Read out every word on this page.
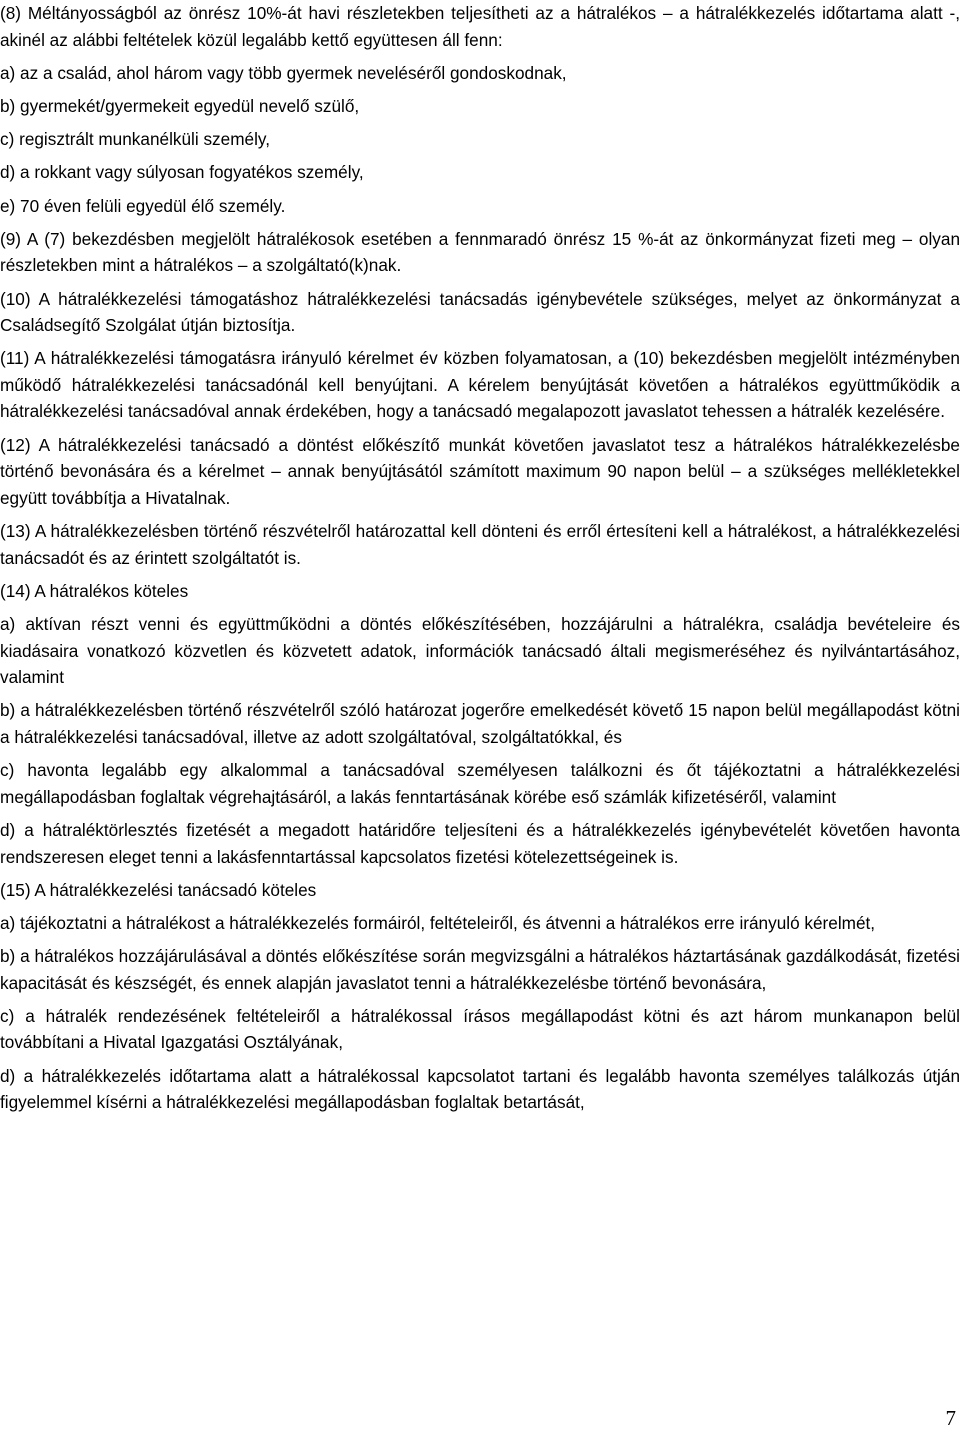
(8) Méltányosságból az önrész 10%-át havi részletekben teljesítheti az a hátralékos – a hátralékkezelés időtartama alatt -, akinél az alábbi feltételek közül legalább kettő együttesen áll fenn:

a) az a család, ahol három vagy több gyermek neveléséről gondoskodnak,

b) gyermekét/gyermekeit egyedül nevelő szülő,

c) regisztrált munkanélküli személy,

d) a rokkant vagy súlyosan fogyatékos személy,

e) 70 éven felüli egyedül élő személy.

(9) A (7) bekezdésben megjelölt hátralékosok esetében a fennmaradó önrész 15 %-át az önkormányzat fizeti meg – olyan részletekben mint a hátralékos – a szolgáltató(k)nak.

(10) A hátralékkezelési támogatáshoz hátralékkezelési tanácsadás igénybevétele szükséges, melyet az önkormányzat a Családsegítő Szolgálat útján biztosítja.

(11) A hátralékkezelési támogatásra irányuló kérelmet év közben folyamatosan, a (10) bekezdésben megjelölt intézményben működő hátralékkezelési tanácsadónál kell benyújtani. A kérelem benyújtását követően a hátralékos együttműködik a hátralékkezelési tanácsadóval annak érdekében, hogy a tanácsadó megalapozott javaslatot tehessen a hátralék kezelésére.

(12) A hátralékkezelési tanácsadó a döntést előkészítő munkát követően javaslatot tesz a hátralékos hátralékkezelésbe történő bevonására és a kérelmet – annak benyújtásától számított maximum 90 napon belül – a szükséges mellékletekkel együtt továbbítja a Hivatalnak.

(13) A hátralékkezelésben történő részvételről határozattal kell dönteni és erről értesíteni kell a hátralékost, a hátralékkezelési tanácsadót és az érintett szolgáltatót is.

(14) A hátralékos köteles

a) aktívan részt venni és együttműködni a döntés előkészítésében, hozzájárulni a hátralékra, családja bevételeire és kiadásaira vonatkozó közvetlen és közvetett adatok, információk tanácsadó általi megismeréséhez és nyilvántartásához, valamint

b) a hátralékkezelésben történő részvételről szóló határozat jogerőre emelkedését követő 15 napon belül megállapodást kötni a hátralékkezelési tanácsadóval, illetve az adott szolgáltatóval, szolgáltatókkal, és

c) havonta legalább egy alkalommal a tanácsadóval személyesen találkozni és őt tájékoztatni a hátralékkezelési megállapodásban foglaltak végrehajtásáról, a lakás fenntartásának körébe eső számlák kifizetéséről, valamint

d) a hátraléktörlesztés fizetését a megadott határidőre teljesíteni és a hátralékkezelés igénybevételét követően havonta rendszeresen eleget tenni a lakásfenntartással kapcsolatos fizetési kötelezettségeinek is.

(15) A hátralékkezelési tanácsadó köteles

a) tájékoztatni a hátralékost a hátralékkezelés formáiról, feltételeiről, és átvenni a hátralékos erre irányuló kérelmét,

b) a hátralékos hozzájárulásával a döntés előkészítése során megvizsgálni a hátralékos háztartásának gazdálkodását, fizetési kapacitását és készségét, és ennek alapján javaslatot tenni a hátralékkezelésbe történő bevonására,

c) a hátralék rendezésének feltételeiről a hátralékossal írásos megállapodást kötni és azt három munkanapon belül továbbítani a Hivatal Igazgatási Osztályának,

d) a hátralékkezelés időtartama alatt a hátralékossal kapcsolatot tartani és legalább havonta személyes találkozás útján figyelemmel kísérni a hátralékkezelési megállapodásban foglaltak betartását,

7
